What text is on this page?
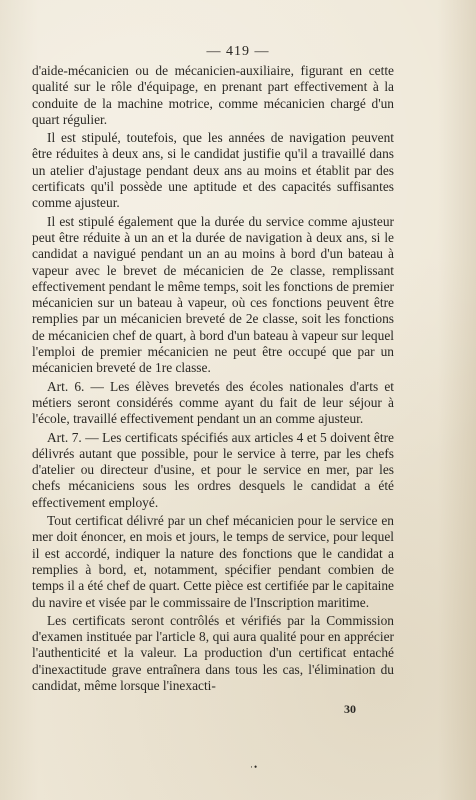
— 419 —

d'aide-mécanicien ou de mécanicien-auxiliaire, figurant en cette qualité sur le rôle d'équipage, en prenant part effectivement à la conduite de la machine motrice, comme mécanicien chargé d'un quart régulier.

Il est stipulé, toutefois, que les années de navigation peuvent être réduites à deux ans, si le candidat justifie qu'il a travaillé dans un atelier d'ajustage pendant deux ans au moins et établit par des certificats qu'il possède une aptitude et des capacités suffisantes comme ajusteur.

Il est stipulé également que la durée du service comme ajusteur peut être réduite à un an et la durée de navigation à deux ans, si le candidat a navigué pendant un an au moins à bord d'un bateau à vapeur avec le brevet de mécanicien de 2e classe, remplissant effectivement pendant le même temps, soit les fonctions de premier mécanicien sur un bateau à vapeur, où ces fonctions peuvent être remplies par un mécanicien breveté de 2e classe, soit les fonctions de mécanicien chef de quart, à bord d'un bateau à vapeur sur lequel l'emploi de premier mécanicien ne peut être occupé que par un mécanicien breveté de 1re classe.

Art. 6. — Les élèves brevetés des écoles nationales d'arts et métiers seront considérés comme ayant du fait de leur séjour à l'école, travaillé effectivement pendant un an comme ajusteur.

Art. 7. — Les certificats spécifiés aux articles 4 et 5 doivent être délivrés autant que possible, pour le service à terre, par les chefs d'atelier ou directeur d'usine, et pour le service en mer, par les chefs mécaniciens sous les ordres desquels le candidat a été effectivement employé.

Tout certificat délivré par un chef mécanicien pour le service en mer doit énoncer, en mois et jours, le temps de service, pour lequel il est accordé, indiquer la nature des fonctions que le candidat a remplies à bord, et, notamment, spécifier pendant combien de temps il a été chef de quart. Cette pièce est certifiée par le capitaine du navire et visée par le commissaire de l'Inscription maritime.

Les certificats seront contrôlés et vérifiés par la Commission d'examen instituée par l'article 8, qui aura qualité pour en apprécier l'authenticité et la valeur. La production d'un certificat entaché d'inexactitude grave entraînera dans tous les cas, l'élimination du candidat, même lorsque l'inexacti-

30
·•
